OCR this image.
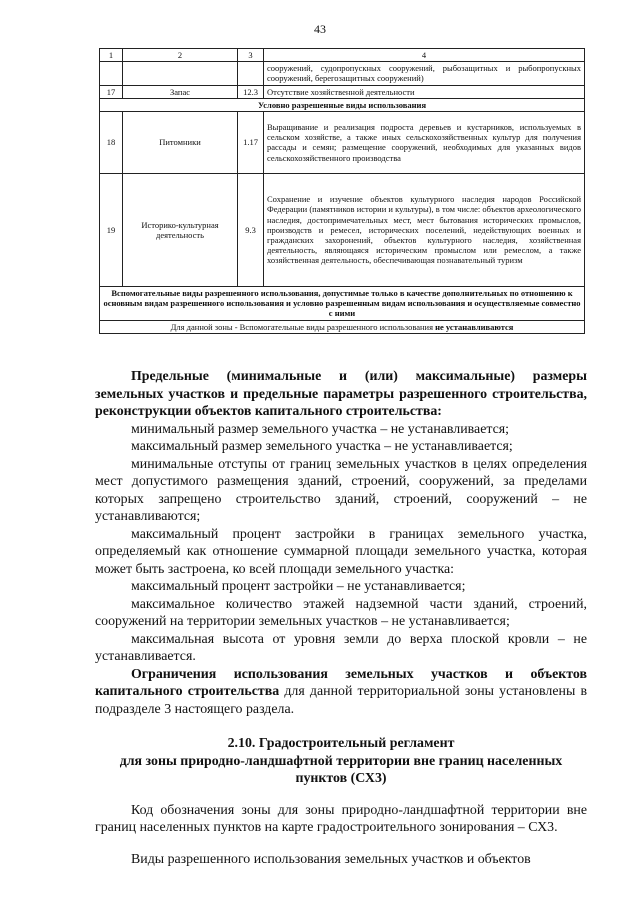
43
1	2	3	4
			сооружений, судопропускных сооружений, рыбозащитных и рыбопропускных сооружений, берегозащитных сооружений)
17	Запас	12.3	Отсутствие хозяйственной деятельности
Условно разрешенные виды использования			
18	Питомники	1.17	Выращивание и реализация подроста деревьев и кустарников, используемых в сельском хозяйстве, а также иных сельскохозяйственных культур для получения рассады и семян; размещение сооружений, необходимых для указанных видов сельскохозяйственного производства
19	Историко-культурная деятельность	9.3	Сохранение и изучение объектов культурного наследия народов Российской Федерации (памятников истории и культуры), в том числе: объектов археологического наследия, достопримечательных мест, мест бытования исторических промыслов, производств и ремесел, исторических поселений, недействующих военных и гражданских захоронений, объектов культурного наследия, хозяйственная деятельность, являющаяся историческим промыслом или ремеслом, а также хозяйственная деятельность, обеспечивающая познавательный туризм
Вспомогательные виды разрешенного использования, допустимые только в качестве дополнительных по отношению к основным видам разрешенного использования и условно разрешенным видам использования и осуществляемые совместно с ними			
Для данной зоны - Вспомогательные виды разрешенного использования не устанавливаются			

Предельные (минимальные и (или) максимальные) размеры земельных участков и предельные параметры разрешенного строительства, реконструкции объектов капитального строительства:

минимальный размер земельного участка – не устанавливается;

максимальный размер земельного участка – не устанавливается;

минимальные отступы от границ земельных участков в целях определения мест допустимого размещения зданий, строений, сооружений, за пределами которых запрещено строительство зданий, строений, сооружений – не устанавливаются;

максимальный процент застройки в границах земельного участка, определяемый как отношение суммарной площади земельного участка, которая может быть застроена, ко всей площади земельного участка:

максимальный процент застройки – не устанавливается;

максимальное количество этажей надземной части зданий, строений, сооружений на территории земельных участков – не устанавливается;

максимальная высота от уровня земли до верха плоской кровли – не устанавливается.

Ограничения использования земельных участков и объектов капитального строительства для данной территориальной зоны установлены в подразделе 3 настоящего раздела.

2.10. Градостроительный регламент
для зоны природно-ландшафтной территории вне границ населенных пунктов (СХ3)

Код обозначения зоны для зоны природно-ландшафтной территории вне границ населенных пунктов на карте градостроительного зонирования – СХ3.

Виды разрешенного использования земельных участков и объектов
